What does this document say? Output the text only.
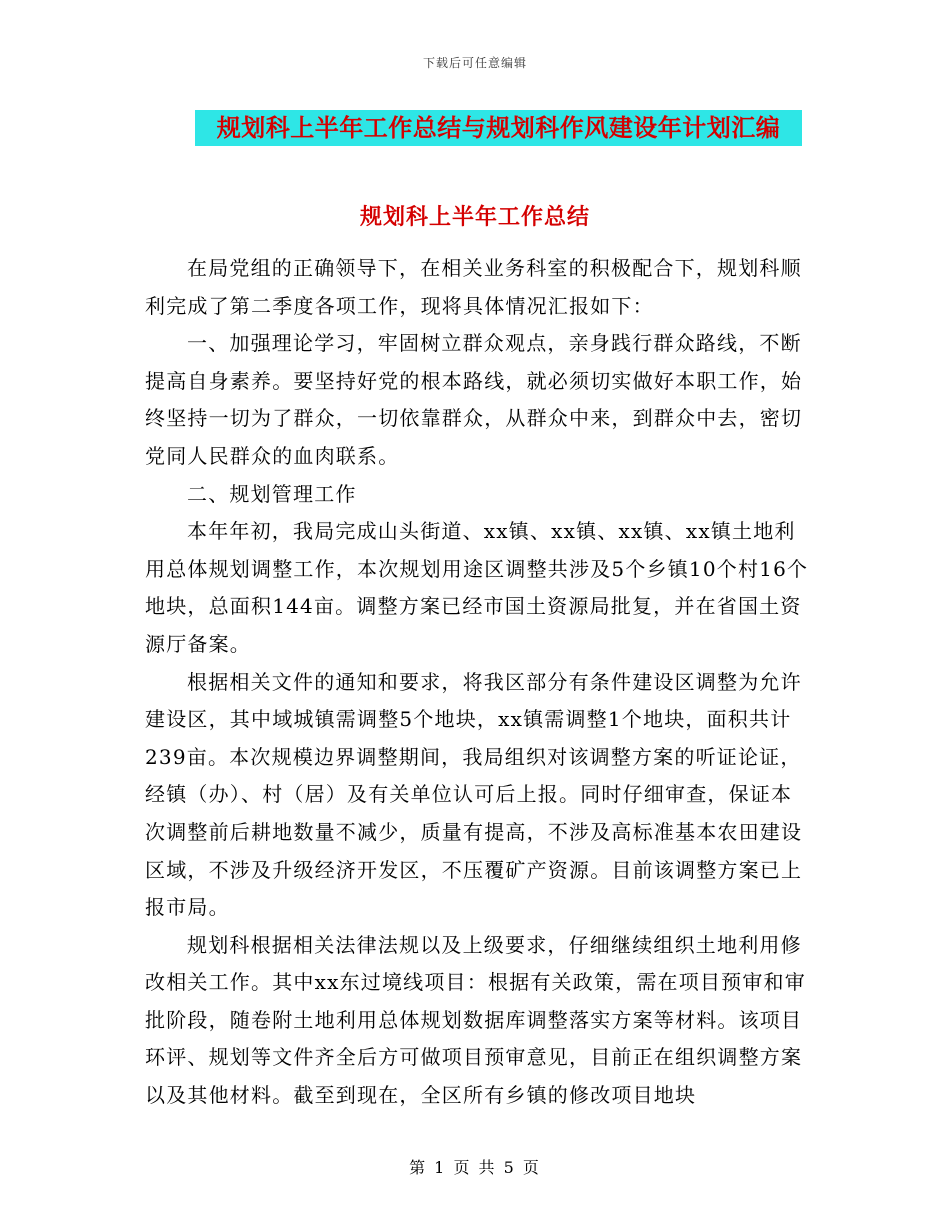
下载后可任意编辑
规划科上半年工作总结与规划科作风建设年计划汇编
规划科上半年工作总结

在局党组的正确领导下，在相关业务科室的积极配合下，规划科顺利完成了第二季度各项工作，现将具体情况汇报如下：

一、加强理论学习，牢固树立群众观点，亲身践行群众路线，不断提高自身素养。要坚持好党的根本路线，就必须切实做好本职工作，始终坚持一切为了群众，一切依靠群众，从群众中来，到群众中去，密切党同人民群众的血肉联系。

二、规划管理工作

本年年初，我局完成山头街道、xx镇、xx镇、xx镇、xx镇土地利用总体规划调整工作，本次规划用途区调整共涉及5个乡镇10个村16个地块，总面积144亩。调整方案已经市国土资源局批复，并在省国土资源厅备案。

根据相关文件的通知和要求，将我区部分有条件建设区调整为允许建设区，其中域城镇需调整5个地块，xx镇需调整1个地块，面积共计239亩。本次规模边界调整期间，我局组织对该调整方案的听证论证，经镇（办）、村（居）及有关单位认可后上报。同时仔细审查，保证本次调整前后耕地数量不减少，质量有提高，不涉及高标准基本农田建设区域，不涉及升级经济开发区，不压覆矿产资源。目前该调整方案已上报市局。

规划科根据相关法律法规以及上级要求，仔细继续组织土地利用修改相关工作。其中xx东过境线项目：根据有关政策，需在项目预审和审批阶段，随卷附土地利用总体规划数据库调整落实方案等材料。该项目环评、规划等文件齐全后方可做项目预审意见，目前正在组织调整方案以及其他材料。截至到现在，全区所有乡镇的修改项目地块

第 1 页 共 5 页
